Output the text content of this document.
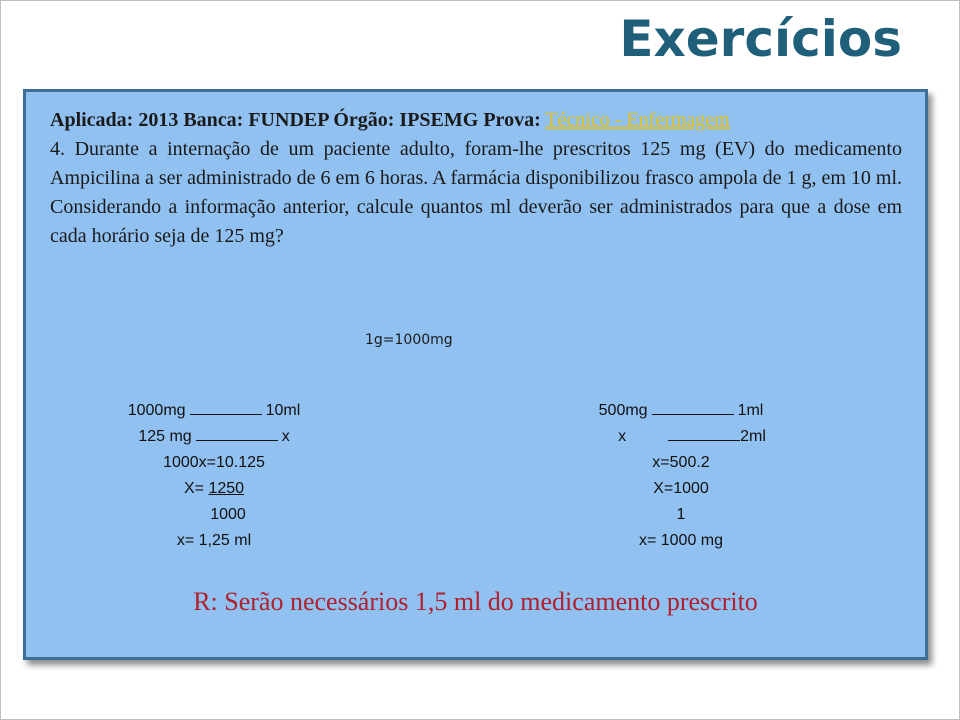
Exercícios
Aplicada: 2013 Banca: FUNDEP Órgão: IPSEMG Prova: Técnico - Enfermagem
4. Durante a internação de um paciente adulto, foram-lhe prescritos 125 mg (EV) do medicamento Ampicilina a ser administrado de 6 em 6 horas. A farmácia disponibilizou frasco ampola de 1 g, em 10 ml. Considerando a informação anterior, calcule quantos ml deverão ser administrados para que a dose em cada horário seja de 125 mg?
1g=1000mg
1000mg	10ml
125 mg	x
1000x=10.125
X= 1250
1000
x= 1,25 ml
500mg	1ml
x	2ml
x=500.2
X=1000
1
x= 1000 mg
R: Serão necessários 1,5 ml do medicamento prescrito
